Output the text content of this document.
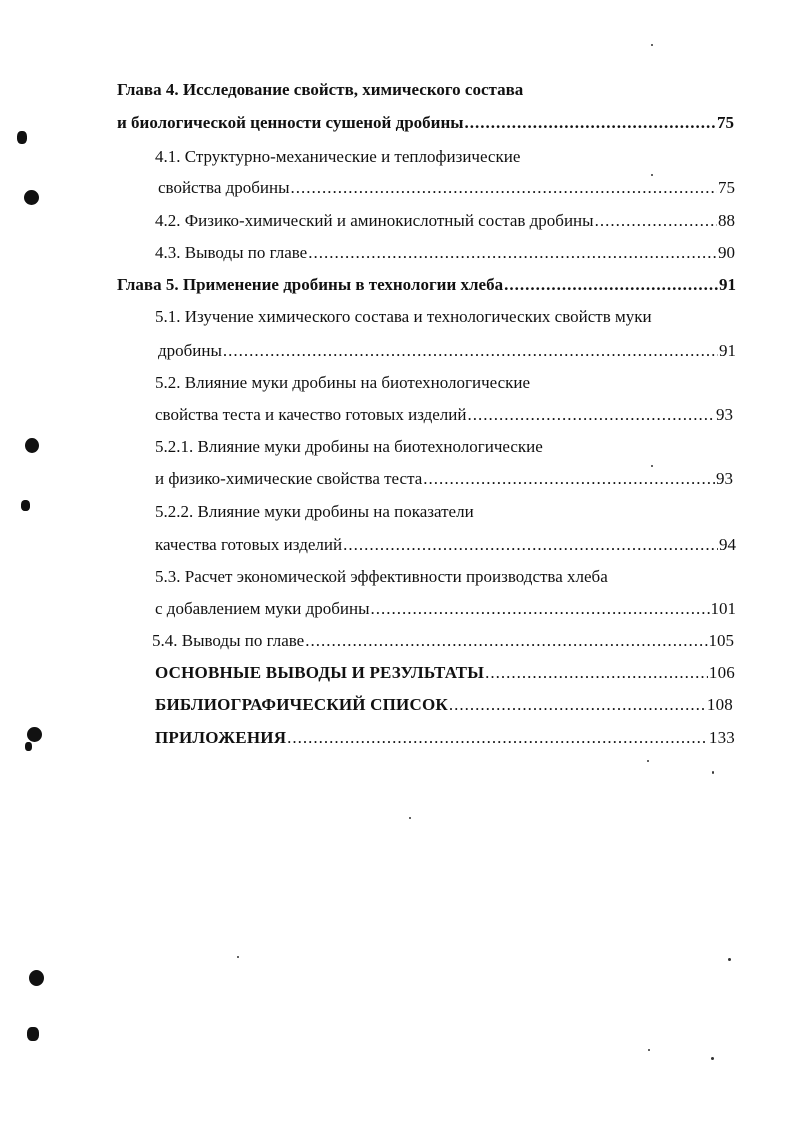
Глава 4. Исследование свойств, химического состава
и биологической ценности сушеной дробины .....	75
4.1. Структурно-механические и теплофизические
свойства дробины .....	75
4.2. Физико-химический и аминокислотный состав дробины .....	88
4.3. Выводы по главе .....	90
Глава 5. Применение дробины в технологии хлеба .....	91
5.1. Изучение химического состава и технологических свойств муки
дробины .....	91
5.2. Влияние муки дробины на биотехнологические
свойства теста и качество готовых изделий .....	93
5.2.1. Влияние муки дробины на биотехнологические
и физико-химические свойства теста .....	93
5.2.2. Влияние муки дробины на показатели
качества готовых изделий .....	94
5.3. Расчет экономической эффективности производства хлеба
с добавлением муки дробины .....	101
5.4. Выводы по главе .....	105
ОСНОВНЫЕ ВЫВОДЫ И РЕЗУЛЬТАТЫ .....	106
БИБЛИОГРАФИЧЕСКИЙ СПИСОК .....	108
ПРИЛОЖЕНИЯ .....	133
